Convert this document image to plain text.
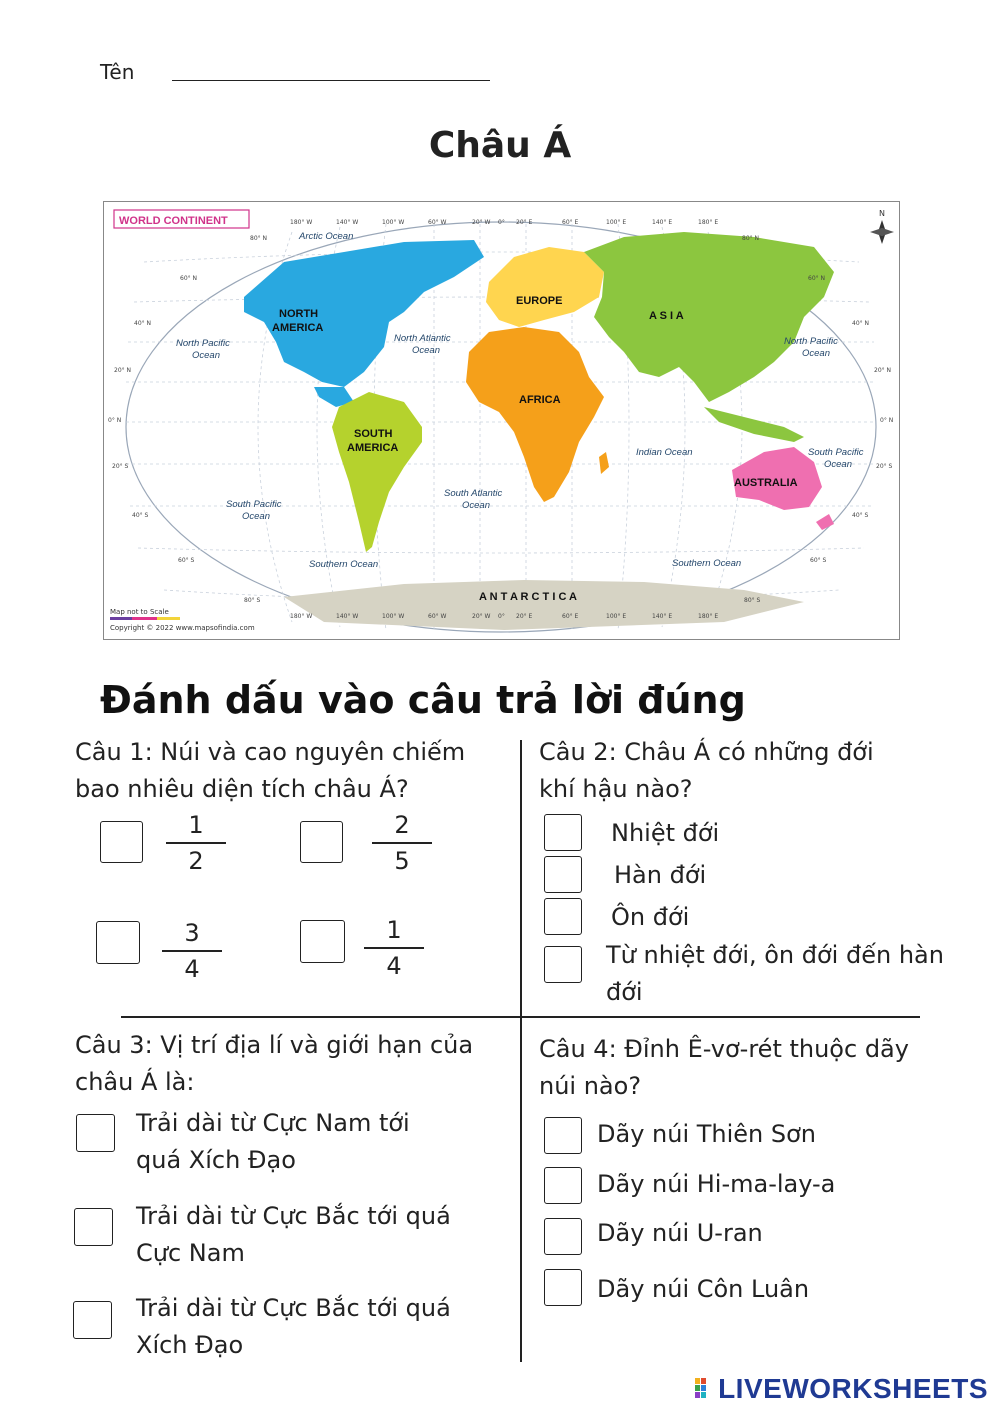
Tên
Châu Á
WORLD CONTINENT
N
180° W	140° W	100° W	60° W	20° W 0° 20° E	60° E	100° E	140° E	180° E
180° W	140° W	100° W	60° W	20° W 0° 20° E	60° E	100° E	140° E	180° E
80° N
60° N
40° N
20° N
0° N
20° S
40° S
60° S
80° S
80° N
60° N
40° N
20° N
0° N
20° S
40° S
60° S
80° S
NORTH
AMERICA
SOUTH
AMERICA
EUROPE
A S I A
AFRICA
AUSTRALIA
A N T A R C T I C A
Arctic Ocean
North Pacific
Ocean
North Atlantic
Ocean
North Pacific
Ocean
Indian Ocean	South Pacific
Ocean
South Atlantic
Ocean
South Pacific
Ocean
Southern Ocean	Southern Ocean
Map not to Scale
Copyright © 2022 www.mapsofindia.com
Đánh dấu vào câu trả lời đúng
Câu 1: Núi và cao nguyên chiếm
bao nhiêu diện tích châu Á?
1
2
2
5
3
4
1
4
Câu 2: Châu Á có những đới
khí hậu nào?
Nhiệt đới
Hàn đới
Ôn đới
Từ nhiệt đới, ôn đới đến hàn
đới
Câu 3: Vị trí địa lí và giới hạn của
châu Á là:
Trải dài từ Cực Nam tới
quá Xích Đạo
Trải dài từ Cực Bắc tới quá
Cực Nam
Trải dài từ Cực Bắc tới quá
Xích Đạo
Câu 4: Đỉnh Ê-vơ-rét thuộc dãy
núi nào?
Dãy núi Thiên Sơn
Dãy núi Hi-ma-lay-a
Dãy núi U-ran
Dãy núi Côn Luân
LIVEWORKSHEETS
